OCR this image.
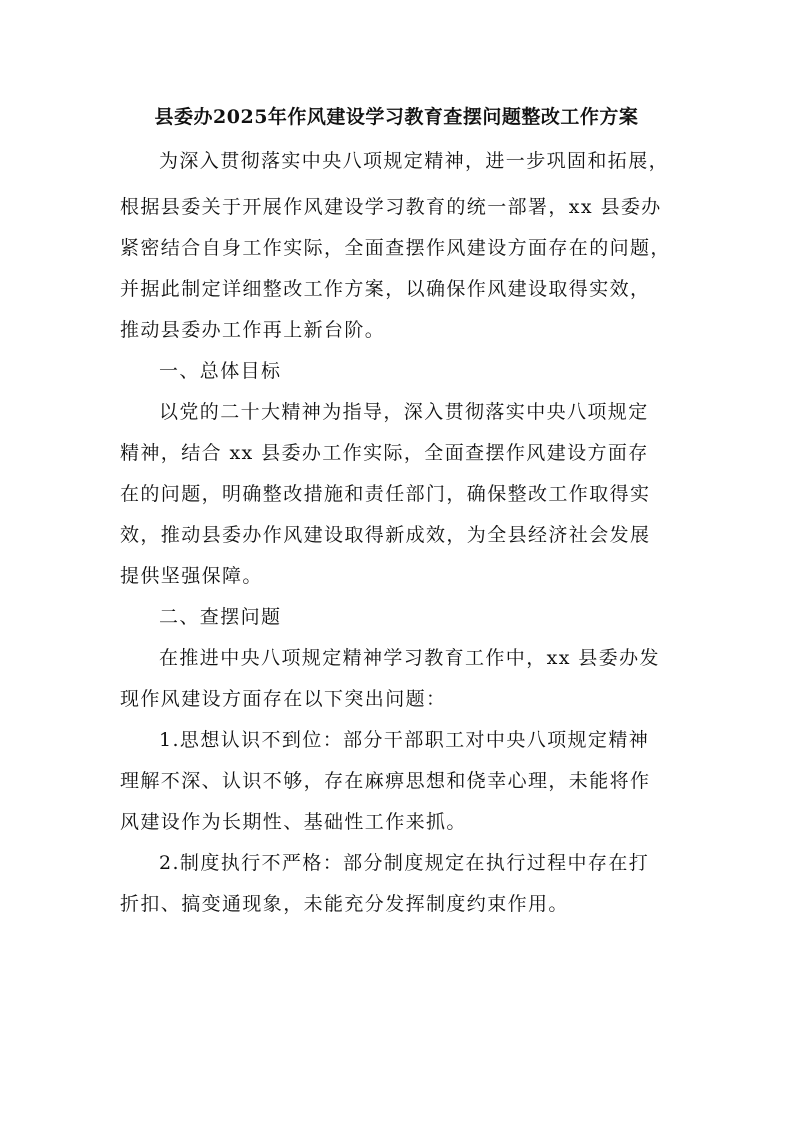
县委办2025年作风建设学习教育查摆问题整改工作方案
为深入贯彻落实中央八项规定精神，进一步巩固和拓展，
根据县委关于开展作风建设学习教育的统一部署，xx 县委办
紧密结合自身工作实际，全面查摆作风建设方面存在的问题，
并据此制定详细整改工作方案，以确保作风建设取得实效，
推动县委办工作再上新台阶。
一、总体目标
以党的二十大精神为指导，深入贯彻落实中央八项规定
精神，结合 xx 县委办工作实际，全面查摆作风建设方面存
在的问题，明确整改措施和责任部门，确保整改工作取得实
效，推动县委办作风建设取得新成效，为全县经济社会发展
提供坚强保障。
二、查摆问题
在推进中央八项规定精神学习教育工作中，xx 县委办发
现作风建设方面存在以下突出问题：
1.思想认识不到位：部分干部职工对中央八项规定精神
理解不深、认识不够，存在麻痹思想和侥幸心理，未能将作
风建设作为长期性、基础性工作来抓。
2.制度执行不严格：部分制度规定在执行过程中存在打
折扣、搞变通现象，未能充分发挥制度约束作用。
